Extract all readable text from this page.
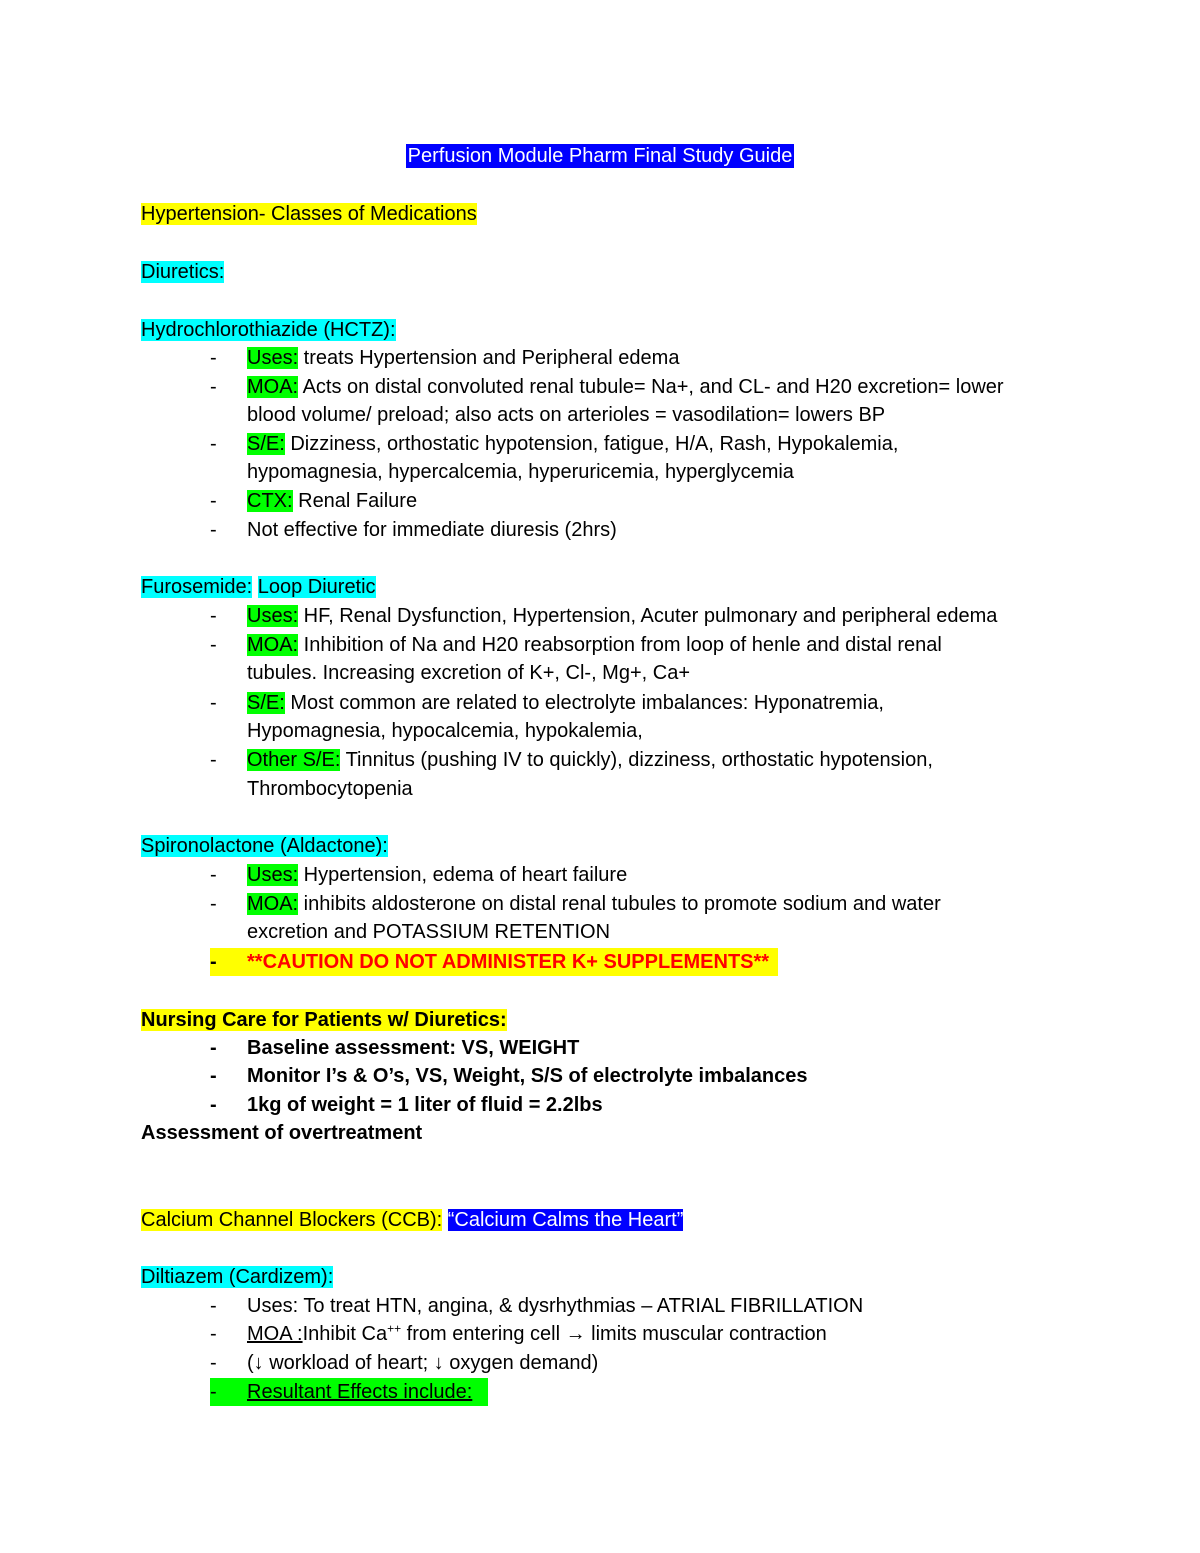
Perfusion Module Pharm Final Study Guide
Hypertension- Classes of Medications
Diuretics:
Hydrochlorothiazide (HCTZ):
- Uses: treats Hypertension and Peripheral edema
- MOA: Acts on distal convoluted renal tubule= Na+, and CL- and H20 excretion= lower
blood volume/ preload; also acts on arterioles = vasodilation= lowers BP
- S/E: Dizziness, orthostatic hypotension, fatigue, H/A, Rash, Hypokalemia,
hypomagnesia, hypercalcemia, hyperuricemia, hyperglycemia
- CTX: Renal Failure
- Not effective for immediate diuresis (2hrs)
Furosemide: Loop Diuretic
- Uses: HF, Renal Dysfunction, Hypertension, Acuter pulmonary and peripheral edema
- MOA: Inhibition of Na and H20 reabsorption from loop of henle and distal renal
tubules. Increasing excretion of K+, Cl-, Mg+, Ca+
- S/E: Most common are related to electrolyte imbalances: Hyponatremia,
Hypomagnesia, hypocalcemia, hypokalemia,
- Other S/E: Tinnitus (pushing IV to quickly), dizziness, orthostatic hypotension,
Thrombocytopenia
Spironolactone (Aldactone):
- Uses: Hypertension, edema of heart failure
- MOA: inhibits aldosterone on distal renal tubules to promote sodium and water
excretion and POTASSIUM RETENTION
- **CAUTION DO NOT ADMINISTER K+ SUPPLEMENTS**
Nursing Care for Patients w/ Diuretics:
- Baseline assessment: VS, WEIGHT
- Monitor I’s & O’s, VS, Weight, S/S of electrolyte imbalances
- 1kg of weight = 1 liter of fluid = 2.2lbs
Assessment of overtreatment
Calcium Channel Blockers (CCB): “Calcium Calms the Heart”
Diltiazem (Cardizem):
- Uses: To treat HTN, angina, & dysrhythmias – ATRIAL FIBRILLATION
- MOA :Inhibit Ca++ from entering cell → limits muscular contraction
- (↓ workload of heart; ↓ oxygen demand)
- Resultant Effects include:
